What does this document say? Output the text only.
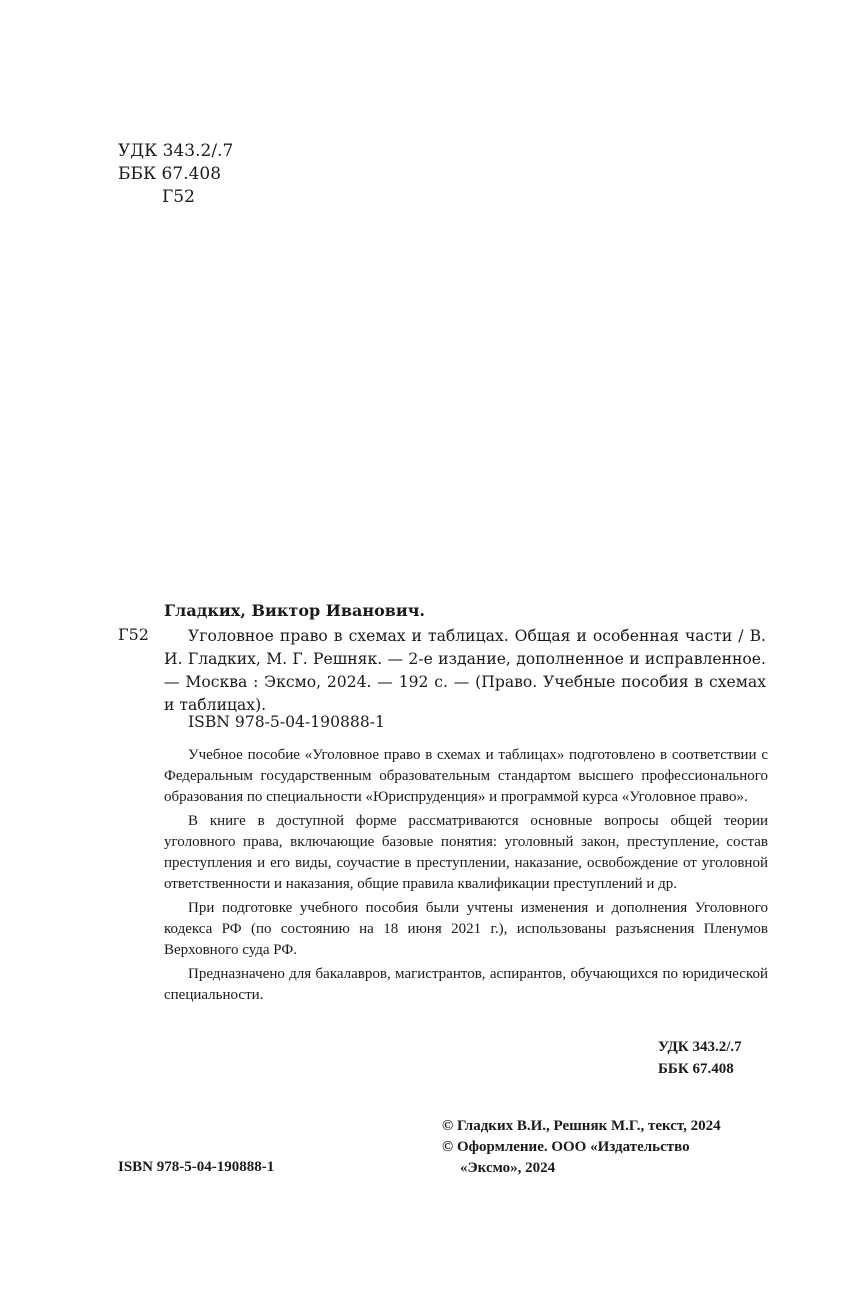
УДК 343.2/.7
ББК 67.408
Г52
Гладких, Виктор Иванович.
Г52	Уголовное право в схемах и таблицах. Общая и особенная части / В. И. Гладких, М. Г. Решняк. — 2-е издание, дополненное и исправленное. — Москва : Эксмо, 2024. — 192 с. — (Право. Учебные пособия в схемах и таблицах).
ISBN 978-5-04-190888-1

Учебное пособие «Уголовное право в схемах и таблицах» подготовлено в соответствии с Федеральным государственным образовательным стандартом высшего профессионального образования по специальности «Юриспруденция» и программой курса «Уголовное право».

В книге в доступной форме рассматриваются основные вопросы общей теории уголовного права, включающие базовые понятия: уголовный закон, преступление, состав преступления и его виды, соучастие в преступлении, наказание, освобождение от уголовной ответственности и наказания, общие правила квалификации преступлений и др.

При подготовке учебного пособия были учтены изменения и дополнения Уголовного кодекса РФ (по состоянию на 18 июня 2021 г.), использованы разъяснения Пленумов Верховного суда РФ.

Предназначено для бакалавров, магистрантов, аспирантов, обучающихся по юридической специальности.

УДК 343.2/.7
ББК 67.408
© Гладких В.И., Решняк М.Г., текст, 2024
© Оформление. ООО «Издательство
«Эксмо», 2024
ISBN 978-5-04-190888-1
